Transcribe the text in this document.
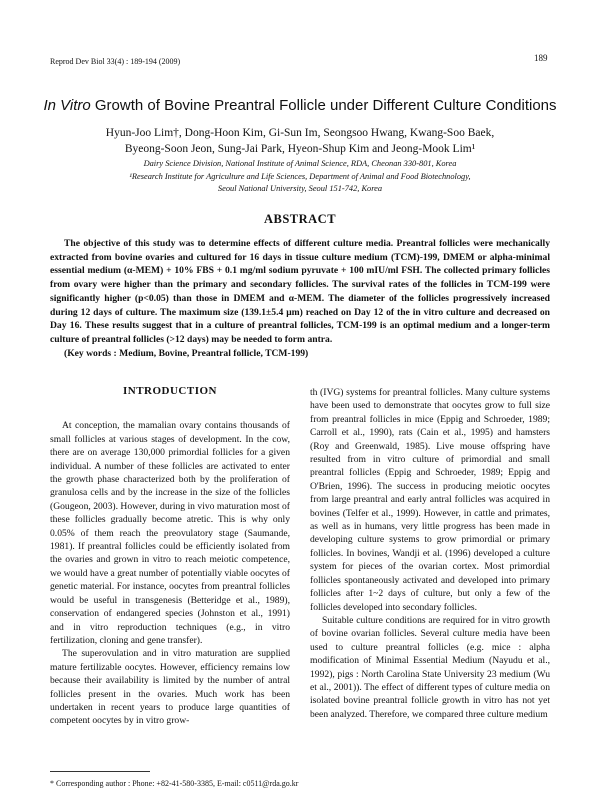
Reprod Dev Biol 33(4) : 189-194 (2009)	189
In Vitro Growth of Bovine Preantral Follicle under Different Culture Conditions
Hyun-Joo Lim†, Dong-Hoon Kim, Gi-Sun Im, Seongsoo Hwang, Kwang-Soo Baek,
Byeong-Soon Jeon, Sung-Jai Park, Hyeon-Shup Kim and Jeong-Mook Lim¹
Dairy Science Division, National Institute of Animal Science, RDA, Cheonan 330-801, Korea
¹Research Institute for Agriculture and Life Sciences, Department of Animal and Food Biotechnology,
Seoul National University, Seoul 151-742, Korea
ABSTRACT

The objective of this study was to determine effects of different culture media. Preantral follicles were mechanically extracted from bovine ovaries and cultured for 16 days in tissue culture medium (TCM)-199, DMEM or alpha-minimal essential medium (α-MEM) + 10% FBS + 0.1 mg/ml sodium pyruvate + 100 mIU/ml FSH. The collected primary follicles from ovary were higher than the primary and secondary follicles. The survival rates of the follicles in TCM-199 were significantly higher (p<0.05) than those in DMEM and α-MEM. The diameter of the follicles progressively increased during 12 days of culture. The maximum size (139.1±5.4 μm) reached on Day 12 of the in vitro culture and decreased on Day 16. These results suggest that in a culture of preantral follicles, TCM-199 is an optimal medium and a longer-term culture of preantral follicles (>12 days) may be needed to form antra.

(Key words : Medium, Bovine, Preantral follicle, TCM-199)

INTRODUCTION

At conception, the mamalian ovary contains thousands of small follicles at various stages of development. In the cow, there are on average 130,000 primordial follicles for a given individual. A number of these follicles are activated to enter the growth phase characterized both by the proliferation of granulosa cells and by the increase in the size of the follicles (Gougeon, 2003). However, during in vivo maturation most of these follicles gradually become atretic. This is why only 0.05% of them reach the preovulatory stage (Saumande, 1981). If preantral follicles could be efficiently isolated from the ovaries and grown in vitro to reach meiotic competence, we would have a great number of potentially viable oocytes of genetic material. For instance, oocytes from preantral follicles would be useful in transgenesis (Betteridge et al., 1989), conservation of endangered species (Johnston et al., 1991) and in vitro reproduction techniques (e.g., in vitro fertilization, cloning and gene transfer).

The superovulation and in vitro maturation are supplied mature fertilizable oocytes. However, efficiency remains low because their availability is limited by the number of antral follicles present in the ovaries. Much work has been undertaken in recent years to produce large quantities of competent oocytes by in vitro grow-

th (IVG) systems for preantral follicles. Many culture systems have been used to demonstrate that oocytes grow to full size from preantral follicles in mice (Eppig and Schroeder, 1989; Carroll et al., 1990), rats (Cain et al., 1995) and hamsters (Roy and Greenwald, 1985). Live mouse offspring have resulted from in vitro culture of primordial and small preantral follicles (Eppig and Schroeder, 1989; Eppig and O'Brien, 1996). The success in producing meiotic oocytes from large preantral and early antral follicles was acquired in bovines (Telfer et al., 1999). However, in cattle and primates, as well as in humans, very little progress has been made in developing culture systems to grow primordial or primary follicles. In bovines, Wandji et al. (1996) developed a culture system for pieces of the ovarian cortex. Most primordial follicles spontaneously activated and developed into primary follicles after 1~2 days of culture, but only a few of the follicles developed into secondary follicles.

Suitable culture conditions are required for in vitro growth of bovine ovarian follicles. Several culture media have been used to culture preantral follicles (e.g. mice : alpha modification of Minimal Essential Medium (Nayudu et al., 1992), pigs : North Carolina State University 23 medium (Wu et al., 2001)). The effect of different types of culture media on isolated bovine preantral follicle growth in vitro has not yet been analyzed. Therefore, we compared three culture medium

* Corresponding author : Phone: +82-41-580-3385, E-mail: c0511@rda.go.kr
